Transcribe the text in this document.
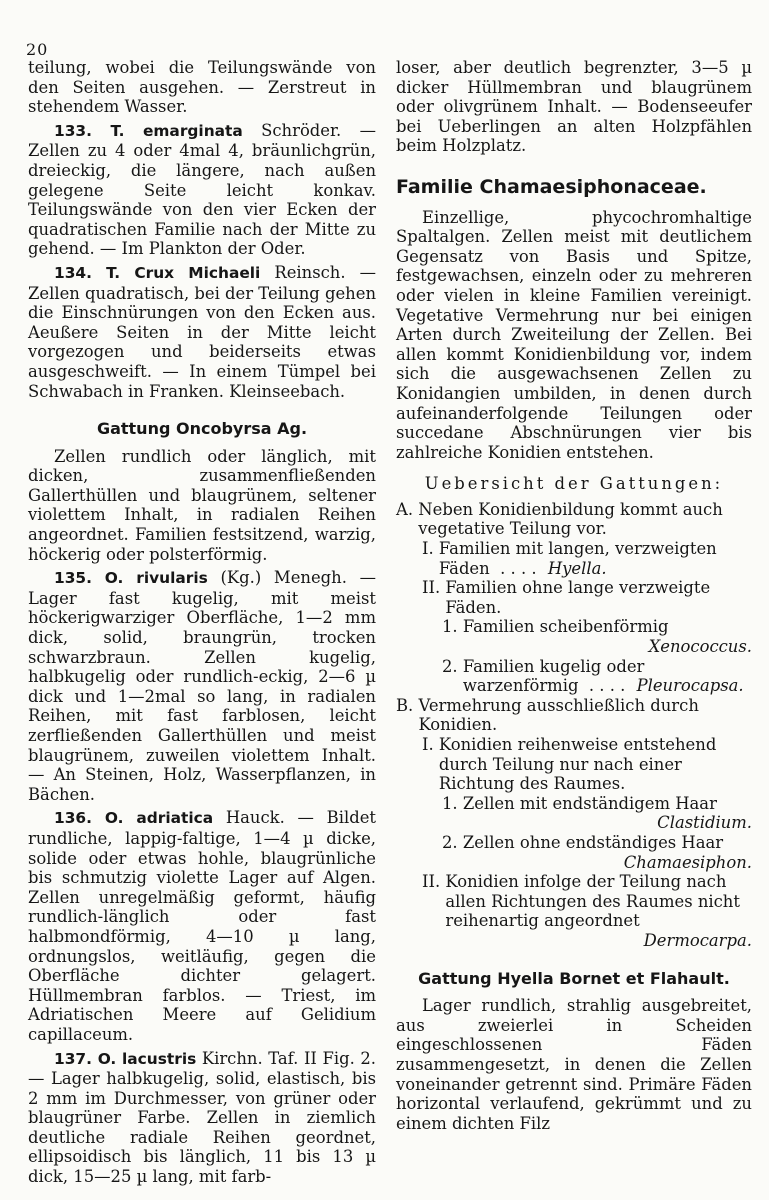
20

teilung, wobei die Teilungswände von den Seiten ausgehen. — Zerstreut in stehendem Wasser.

133. T. emarginata Schröder. — Zellen zu 4 oder 4mal 4, bräunlichgrün, dreieckig, die längere, nach außen gelegene Seite leicht konkav. Teilungswände von den vier Ecken der quadratischen Familie nach der Mitte zu gehend. — Im Plankton der Oder.

134. T. Crux Michaeli Reinsch. — Zellen quadratisch, bei der Teilung gehen die Einschnürungen von den Ecken aus. Aeußere Seiten in der Mitte leicht vorgezogen und beiderseits etwas ausgeschweift. — In einem Tümpel bei Schwabach in Franken. Kleinseebach.

Gattung Oncobyrsa Ag.

Zellen rundlich oder länglich, mit dicken, zusammenfließenden Gallerthüllen und blaugrünem, seltener violettem Inhalt, in radialen Reihen angeordnet. Familien festsitzend, warzig, höckerig oder polsterförmig.

135. O. rivularis (Kg.) Menegh. — Lager fast kugelig, mit meist höckerigwarziger Oberfläche, 1—2 mm dick, solid, braungrün, trocken schwarzbraun. Zellen kugelig, halbkugelig oder rundlich-eckig, 2—6 µ dick und 1—2mal so lang, in radialen Reihen, mit fast farblosen, leicht zerfließenden Gallerthüllen und meist blaugrünem, zuweilen violettem Inhalt. — An Steinen, Holz, Wasserpflanzen, in Bächen.

136. O. adriatica Hauck. — Bildet rundliche, lappig-faltige, 1—4 µ dicke, solide oder etwas hohle, blaugrünliche bis schmutzig violette Lager auf Algen. Zellen unregelmäßig geformt, häufig rundlich-länglich oder fast halbmondförmig, 4—10 µ lang, ordnungslos, weitläufig, gegen die Oberfläche dichter gelagert. Hüllmembran farblos. — Triest, im Adriatischen Meere auf Gelidium capillaceum.

137. O. lacustris Kirchn. Taf. II Fig. 2. — Lager halbkugelig, solid, elastisch, bis 2 mm im Durchmesser, von grüner oder blaugrüner Farbe. Zellen in ziemlich deutliche radiale Reihen geordnet, ellipsoidisch bis länglich, 11 bis 13 µ dick, 15—25 µ lang, mit farb-

loser, aber deutlich begrenzter, 3—5 µ dicker Hüllmembran und blaugrünem oder olivgrünem Inhalt. — Bodenseeufer bei Ueberlingen an alten Holzpfählen beim Holzplatz.

Familie Chamaesiphonaceae.

Einzellige, phycochromhaltige Spaltalgen. Zellen meist mit deutlichem Gegensatz von Basis und Spitze, festgewachsen, einzeln oder zu mehreren oder vielen in kleine Familien vereinigt. Vegetative Vermehrung nur bei einigen Arten durch Zweiteilung der Zellen. Bei allen kommt Konidienbildung vor, indem sich die ausgewachsenen Zellen zu Konidangien umbilden, in denen durch aufeinanderfolgende Teilungen oder succedane Abschnürungen vier bis zahlreiche Konidien entstehen.

Uebersicht der Gattungen:
A.
Neben Konidienbildung kommt auch vegetative Teilung vor.
I.
Familien mit langen, verzweigten Fäden . . . . Hyella.
II.
Familien ohne lange verzweigte Fäden.
1.
Familien scheibenförmig
Xenococcus.
2.
Familien kugelig oder warzenförmig . . . . Pleurocapsa.
B.
Vermehrung ausschließlich durch Konidien.
I.
Konidien reihenweise entstehend durch Teilung nur nach einer Richtung des Raumes.
1.
Zellen mit endständigem Haar
Clastidium.
2.
Zellen ohne endständiges Haar
Chamaesiphon.
II.
Konidien infolge der Teilung nach allen Richtungen des Raumes nicht reihenartig angeordnet
Dermocarpa.
Gattung Hyella Bornet et Flahault.

Lager rundlich, strahlig ausgebreitet, aus zweierlei in Scheiden eingeschlossenen Fäden zusammengesetzt, in denen die Zellen voneinander getrennt sind. Primäre Fäden horizontal verlaufend, gekrümmt und zu einem dichten Filz
